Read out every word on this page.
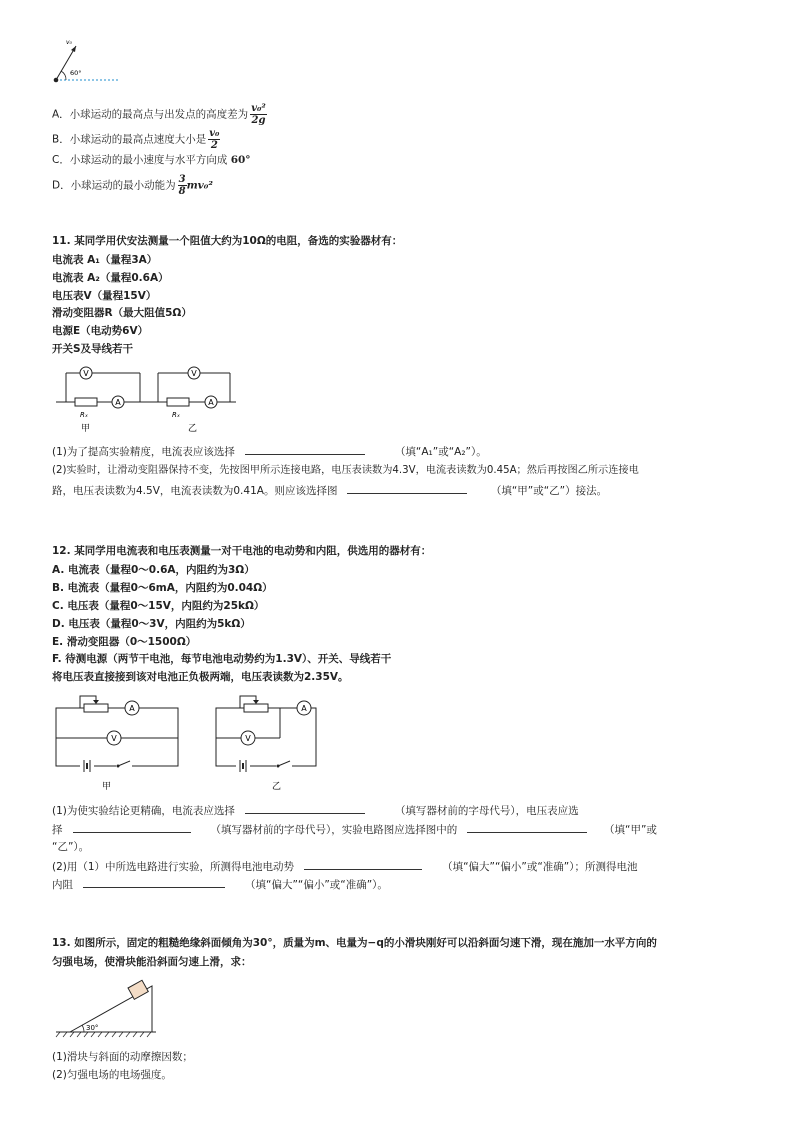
v₀
60°
A．小球运动的最高点与出发点的高度差为 $\frac{\text{v₀²}}{2g}$
B．小球运动的最高点速度大小是 $\frac{\text{v₀}}{2}$
C．小球运动的最小速度与水平方向成 60°
D．小球运动的最小动能为 $\frac{3}{8} mv_0^2$
11. 某同学用伏安法测量一个阻值大约为10Ω的电阻，备选的实验器材有：
电流表 A₁（量程3A）
电流表 A₂（量程0.6A）
电压表V（量程15V）
滑动变阻器R（最大阻值5Ω）
电源E（电动势6V）
开关S及导线若干
V
A
Rₓ
甲
V
A
Rₓ
乙
(1)为了提高实验精度，电流表应该选择	（填“A₁”或“A₂”）。
(2)实验时，让滑动变阻器保持不变，先按图甲所示连接电路，电压表读数为4.3V，电流表读数为0.45A；然后再按图乙所示连接电
路，电压表读数为4.5V，电流表读数为0.41A。则应该选择图	（填“甲”或“乙”）接法。
12. 某同学用电流表和电压表测量一对干电池的电动势和内阻，供选用的器材有：
A. 电流表（量程0～0.6A，内阻约为3Ω）
B. 电流表（量程0～6mA，内阻约为0.04Ω）
C. 电压表（量程0～15V，内阻约为25kΩ）
D. 电压表（量程0～3V，内阻约为5kΩ）
E. 滑动变阻器（0～1500Ω）
F. 待测电源（两节干电池，每节电池电动势约为1.3V）、开关、导线若干
将电压表直接接到该对电池正负极两端，电压表读数为2.35V。
A
V
甲
A
V
乙
(1)为使实验结论更精确，电流表应选择	（填写器材前的字母代号），电压表应选
择	（填写器材前的字母代号），实验电路图应选择图中的	（填“甲”或
“乙”）。
(2)用（1）中所选电路进行实验，所测得电池电动势	（填“偏大”“偏小”或“准确”）；所测得电池
内阻	（填“偏大”“偏小”或“准确”）。
13. 如图所示，固定的粗糙绝缘斜面倾角为30°，质量为m、电量为−q的小滑块刚好可以沿斜面匀速下滑，现在施加一水平方向的
匀强电场，使滑块能沿斜面匀速上滑，求：
30°
(1)滑块与斜面的动摩擦因数；
(2)匀强电场的电场强度。
